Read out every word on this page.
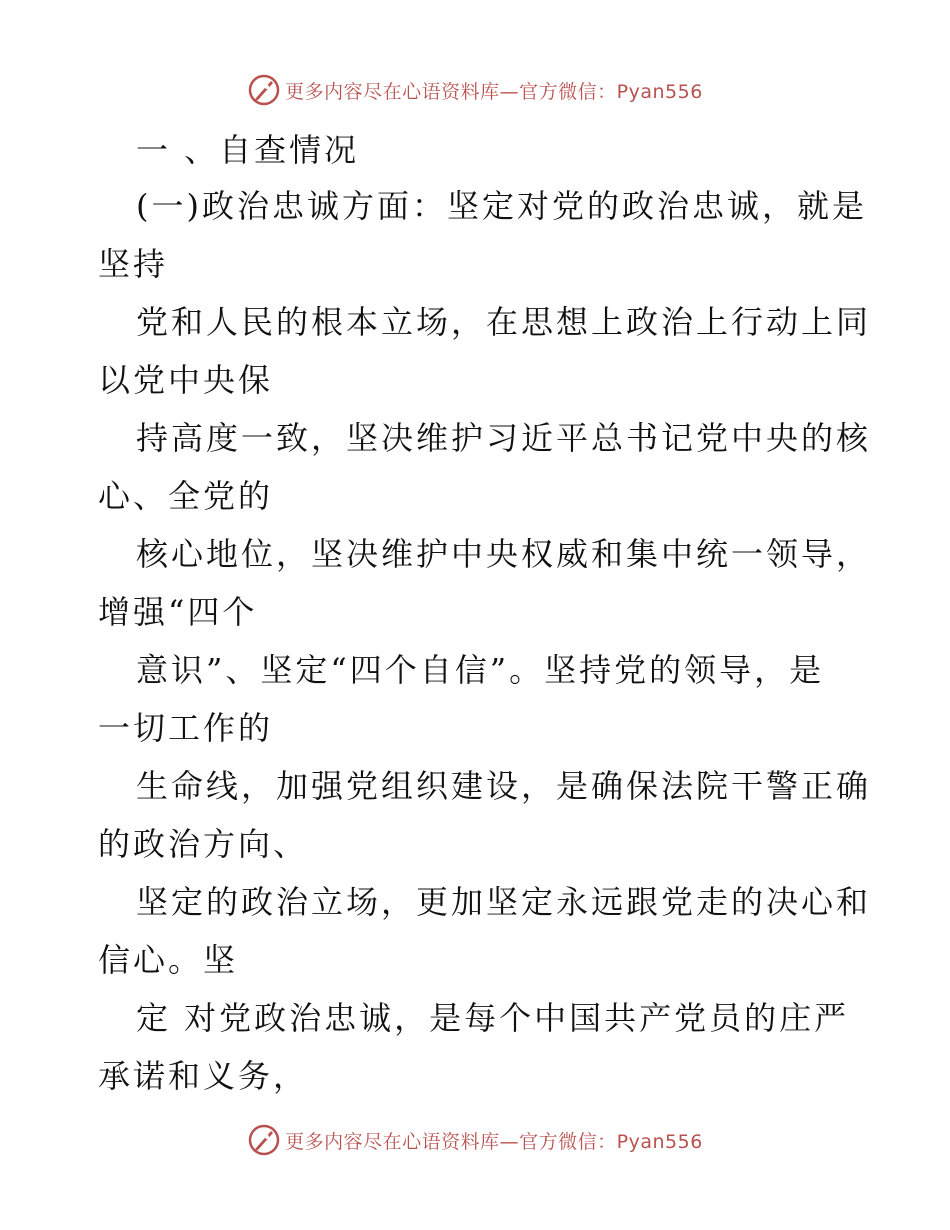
更多内容尽在心语资料库—官方微信：Pyan556
一 、自查情况
(一)政治忠诚方面：坚定对党的政治忠诚，就是
坚持
党和人民的根本立场，在思想上政治上行动上同
以党中央保
持高度一致，坚决维护习近平总书记党中央的核
心、全党的
核心地位，坚决维护中央权威和集中统一领导，
增强“四个
意识”、坚定“四个自信”。坚持党的领导，是
一切工作的
生命线，加强党组织建设，是确保法院干警正确
的政治方向、
坚定的政治立场，更加坚定永远跟党走的决心和
信心。坚
定 对党政治忠诚，是每个中国共产党员的庄严
承诺和义务，
更多内容尽在心语资料库—官方微信：Pyan556
